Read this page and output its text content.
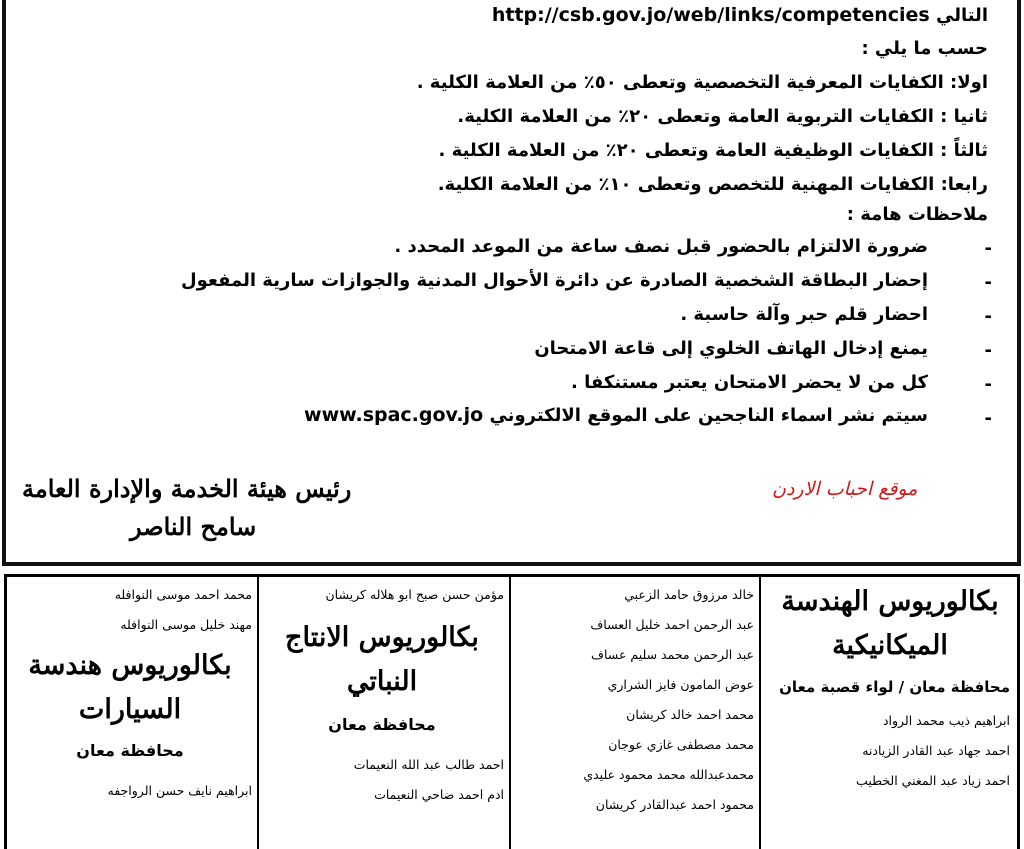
التالي http://csb.gov.jo/web/links/competencies
حسب ما يلي :
اولا: الكفايات المعرفية التخصصية وتعطى ٥٠٪ من العلامة الكلية .
ثانيا : الكفايات التربوية العامة وتعطى ٢٠٪ من العلامة الكلية.
ثالثاً : الكفايات الوظيفية العامة وتعطى ٢٠٪ من العلامة الكلية .
رابعا: الكفايات المهنية للتخصص وتعطى ١٠٪ من العلامة الكلية.
ملاحظات هامة :
-
ضرورة الالتزام بالحضور قبل نصف ساعة من الموعد المحدد .
-
إحضار البطاقة الشخصية الصادرة عن دائرة الأحوال المدنية والجوازات سارية المفعول
-
احضار قلم حبر وآلة حاسبة .
-
يمنع إدخال الهاتف الخلوي إلى قاعة الامتحان
-
كل من لا يحضر الامتحان يعتبر مستنكفا .
-
سيتم نشر اسماء الناجحين على الموقع الالكتروني www.spac.gov.jo
رئيس هيئة الخدمة والإدارة العامة
سامح الناصر
موقع احباب الاردن
بكالوريوس الهندسة الميكانيكية
محافظة معان / لواء قصبة معان
ابراهيم ذيب محمد الرواد
احمد جهاد عبد القادر الزيادنه
احمد زياد عبد المغني الخطيب
خالد مرزوق حامد الزعبي
عبد الرحمن احمد خليل العساف
عبد الرحمن محمد سليم عساف
عوض المامون فايز الشراري
محمد احمد خالد كريشان
محمد مصطفى غازي عوجان
محمدعبدالله محمد محمود عليدي
محمود احمد عبدالقادر كريشان
مؤمن حسن صبح ابو هلاله كريشان
بكالوريوس الانتاج النباتي
محافظة معان
احمد طالب عبد الله النعيمات
ادم احمد ضاحي النعيمات
محمد احمد موسى النوافله
مهند خليل موسى النوافله
بكالوريوس هندسة السيارات
محافظة معان
ابراهيم نايف حسن الرواجفه
